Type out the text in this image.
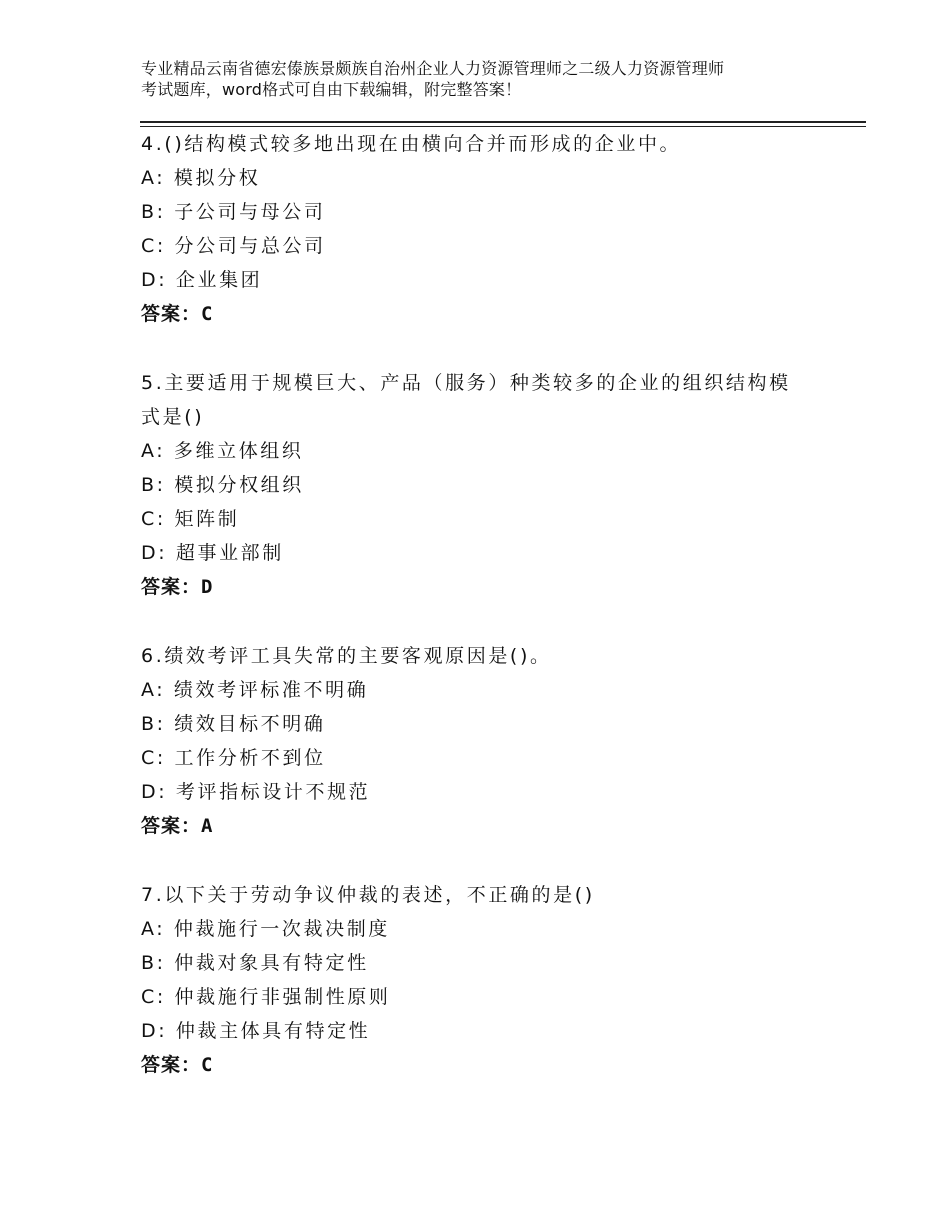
专业精品云南省德宏傣族景颇族自治州企业人力资源管理师之二级人力资源管理师
考试题库，word格式可自由下载编辑，附完整答案！
4.()结构模式较多地出现在由横向合并而形成的企业中。
A: 模拟分权
B: 子公司与母公司
C: 分公司与总公司
D: 企业集团
答案：C
5.主要适用于规模巨大、产品（服务）种类较多的企业的组织结构模
式是()
A: 多维立体组织
B: 模拟分权组织
C: 矩阵制
D: 超事业部制
答案：D
6.绩效考评工具失常的主要客观原因是()。
A: 绩效考评标准不明确
B: 绩效目标不明确
C: 工作分析不到位
D: 考评指标设计不规范
答案：A
7.以下关于劳动争议仲裁的表述，不正确的是()
A: 仲裁施行一次裁决制度
B: 仲裁对象具有特定性
C: 仲裁施行非强制性原则
D: 仲裁主体具有特定性
答案：C
